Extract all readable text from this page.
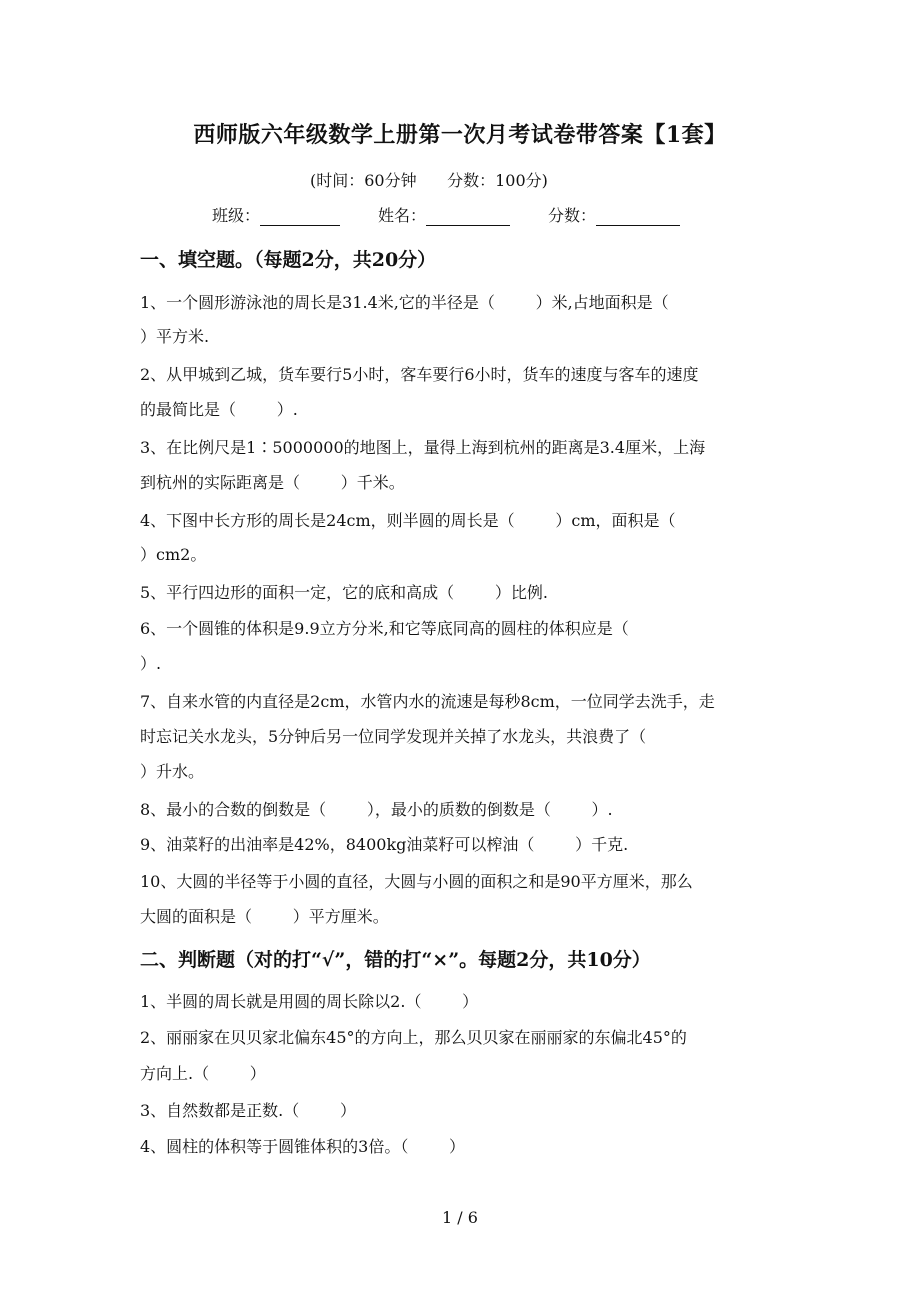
西师版六年级数学上册第一次月考试卷带答案【1套】
(时间：60分钟      分数：100分)
班级：	姓名：	分数：
一、填空题。（每题2分，共20分）
1、一个圆形游泳池的周长是31.4米,它的半径是（        ）米,占地面积是（
）平方米.
2、从甲城到乙城，货车要行5小时，客车要行6小时，货车的速度与客车的速度
的最简比是（        ）.
3、在比例尺是1∶5000000的地图上，量得上海到杭州的距离是3.4厘米，上海
到杭州的实际距离是（        ）千米。
4、下图中长方形的周长是24cm，则半圆的周长是（        ）cm，面积是（
）cm2。
5、平行四边形的面积一定，它的底和高成（        ）比例.
6、一个圆锥的体积是9.9立方分米,和它等底同高的圆柱的体积应是（
）.
7、自来水管的内直径是2cm，水管内水的流速是每秒8cm，一位同学去洗手，走
时忘记关水龙头，5分钟后另一位同学发现并关掉了水龙头，共浪费了（
）升水。
8、最小的合数的倒数是（        ），最小的质数的倒数是（        ）.
9、油菜籽的出油率是42%，8400kg油菜籽可以榨油（        ）千克.
10、大圆的半径等于小圆的直径，大圆与小圆的面积之和是90平方厘米，那么
大圆的面积是（        ）平方厘米。
二、判断题（对的打“√”，错的打“×”。每题2分，共10分）
1、半圆的周长就是用圆的周长除以2.（        ）
2、丽丽家在贝贝家北偏东45°的方向上，那么贝贝家在丽丽家的东偏北45°的
方向上.（        ）
3、自然数都是正数.（        ）
4、圆柱的体积等于圆锥体积的3倍。（        ）
1 / 6
